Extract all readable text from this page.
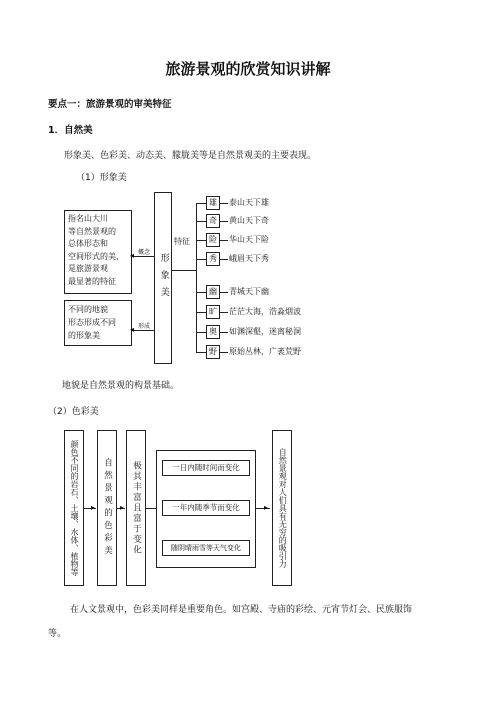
旅游景观的欣赏知识讲解
要点一：旅游景观的审美特征
1．自然美
形象美、色彩美、动态美、朦胧美等是自然景观美的主要表现。
（1）形象美
指名山大川
等自然景观的
总体形态和
空间形式的美，
是旅游景观
最显著的特征
不同的地貌
形态形成不同
的形象美
◂ 概念
◂ 形成
形象美
特征
雄	泰山天下雄
奇	黄山天下奇
险	华山天下险
秀	峨眉天下秀
幽	青城天下幽
旷	茫茫大海，浩淼烟波
奥	如渊深壑，迷离秘洞
野	原始丛林，广袤荒野
地貌是自然景观的构景基础。
（2）色彩美
颜色不同的岩石、土壤、水体、植物等 ▸ 自然景观的色彩美 ▸ 极其丰富且富于变化	一日内随时间而变化
一年内随季节而变化
随阴晴雨雪等天气变化
▸ 自然景观对人们具有无穷的吸引力
在人文景观中，色彩美同样是重要角色。如宫殿、寺庙的彩绘、元宵节灯会、民族服饰
等。
